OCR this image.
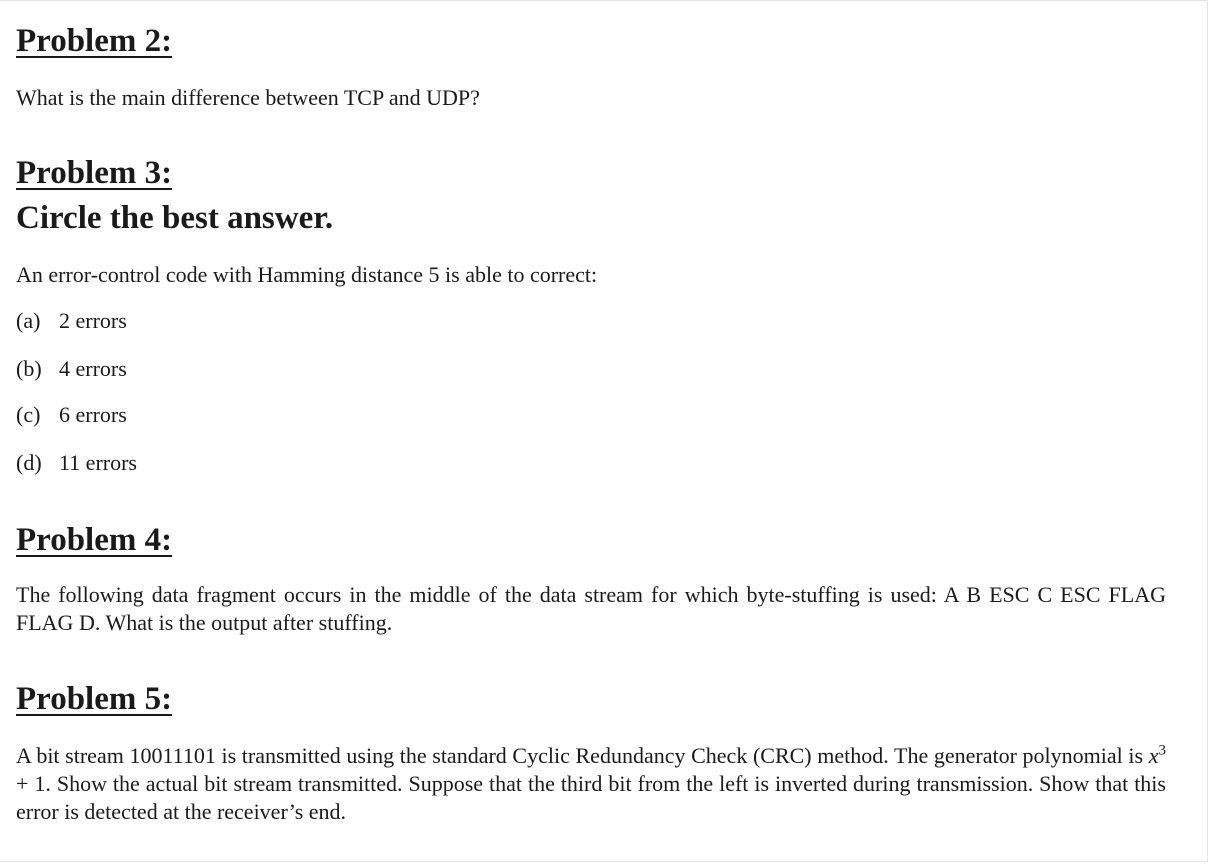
Problem 2:

What is the main difference between TCP and UDP?

Problem 3:
Circle the best answer.

An error-control code with Hamming distance 5 is able to correct:

(a) 2 errors
(b) 4 errors
(c) 6 errors
(d) 11 errors
Problem 4:

The following data fragment occurs in the middle of the data stream for which byte-stuffing is used: A B ESC C ESC FLAG FLAG D. What is the output after stuffing.

Problem 5:

A bit stream 10011101 is transmitted using the standard Cyclic Redundancy Check (CRC) method. The generator polynomial is $x^3 + 1$. Show the actual bit stream transmitted. Suppose that the third bit from the left is inverted during transmission. Show that this error is detected at the receiver’s end.
